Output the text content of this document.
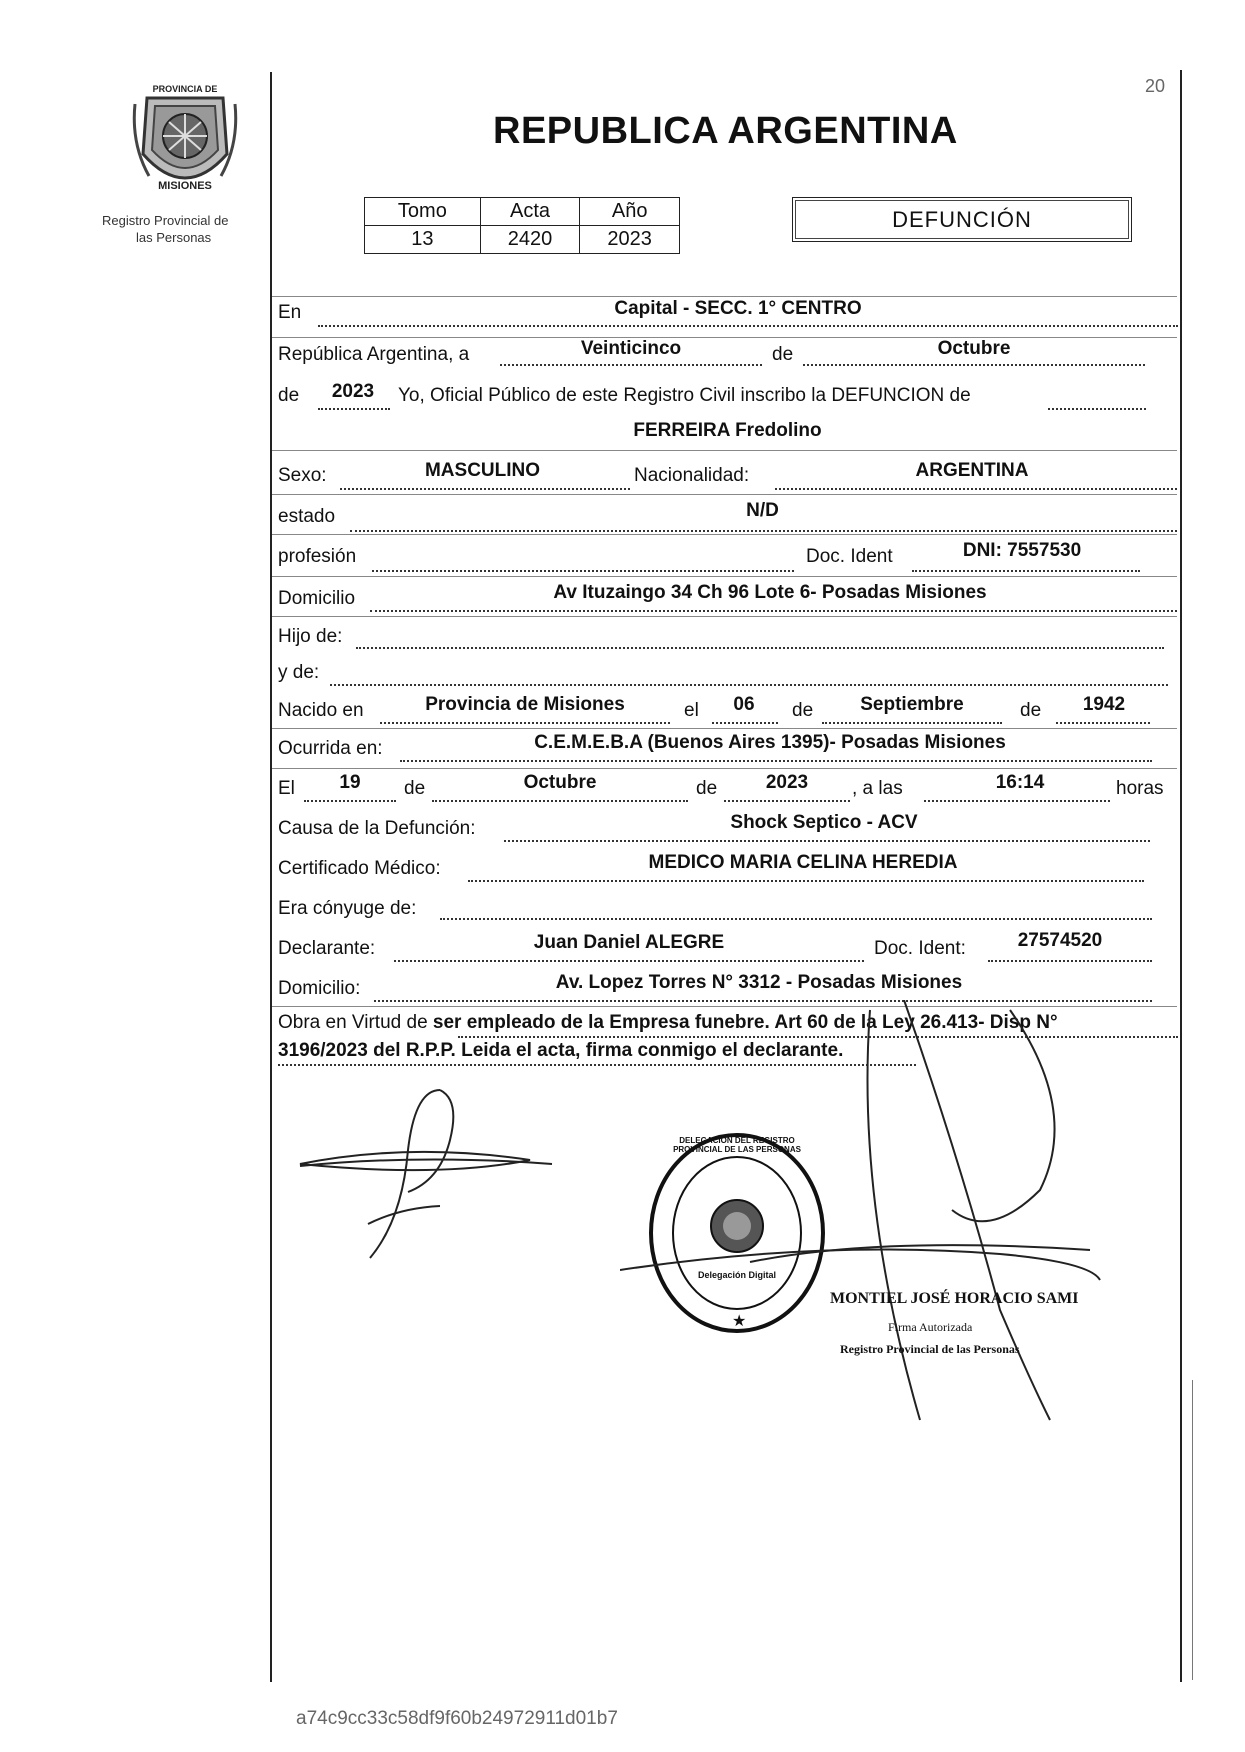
20
PROVINCIA DE
MISIONES
Registro Provincial de
las Personas
REPUBLICA ARGENTINA
Tomo	Acta	Año
13	2420	2023
DEFUNCIÓN
En	Capital - SECC. 1° CENTRO
República Argentina, a	Veinticinco	de	Octubre
de	2023	Yo, Oficial Público de este Registro Civil inscribo la DEFUNCION de
FERREIRA Fredolino
Sexo:	MASCULINO	Nacionalidad:	ARGENTINA
estado	N/D
profesión	Doc. Ident	DNI: 7557530
Domicilio	Av Ituzaingo 34 Ch 96 Lote 6- Posadas Misiones
Hijo de:
y de:
Nacido en	Provincia de Misiones	el	06	de	Septiembre	de	1942
Ocurrida en:	C.E.M.E.B.A (Buenos Aires 1395)- Posadas Misiones
El	19	de	Octubre	de	2023	, a las	16:14	horas
Causa de la Defunción:	Shock Septico - ACV
Certificado Médico:	MEDICO MARIA CELINA HEREDIA
Era cónyuge de:
Declarante:	Juan Daniel ALEGRE	Doc. Ident:	27574520
Domicilio:	Av. Lopez Torres N° 3312 - Posadas Misiones
Obra en Virtud de ser empleado de la Empresa funebre. Art 60 de la Ley 26.413- Disp N°
3196/2023 del R.P.P. Leida el acta, firma conmigo el declarante.
★
DELEGACION DEL REGISTRO PROVINCIAL DE LAS PERSONAS
Delegación Digital
MONTIEL JOSÉ HORACIO SAMI
Firma Autorizada
Registro Provincial de las Personas
a74c9cc33c58df9f60b24972911d01b7
